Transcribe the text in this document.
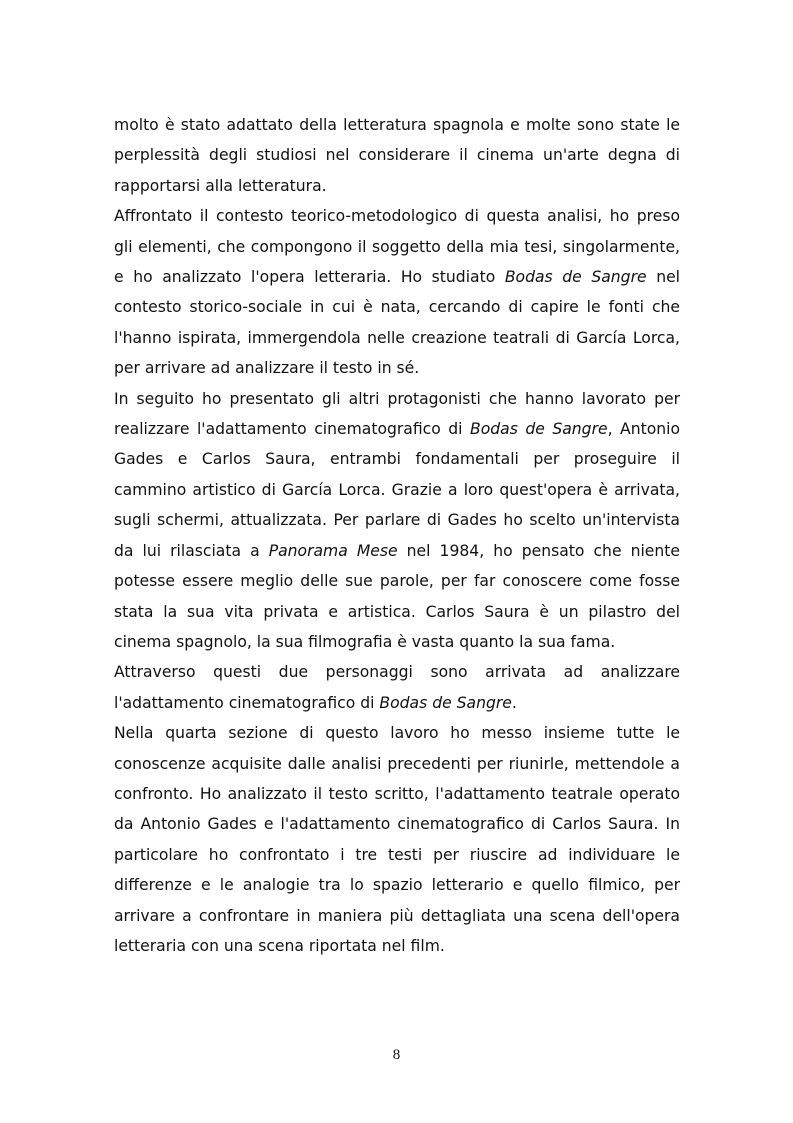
molto è stato adattato della letteratura spagnola e molte sono state le perplessità degli studiosi nel considerare il cinema un'arte degna di rapportarsi alla letteratura.

Affrontato il contesto teorico-metodologico di questa analisi, ho preso gli elementi, che compongono il soggetto della mia tesi, singolarmente, e ho analizzato l'opera letteraria. Ho studiato Bodas de Sangre nel contesto storico-sociale in cui è nata, cercando di capire le fonti che l'hanno ispirata, immergendola nelle creazione teatrali di García Lorca, per arrivare ad analizzare il testo in sé.

In seguito ho presentato gli altri protagonisti che hanno lavorato per realizzare l'adattamento cinematografico di Bodas de Sangre, Antonio Gades e Carlos Saura, entrambi fondamentali per proseguire il cammino artistico di García Lorca. Grazie a loro quest'opera è arrivata, sugli schermi, attualizzata. Per parlare di Gades ho scelto un'intervista da lui rilasciata a Panorama Mese nel 1984, ho pensato che niente potesse essere meglio delle sue parole, per far conoscere come fosse stata la sua vita privata e artistica. Carlos Saura è un pilastro del cinema spagnolo, la sua filmografia è vasta quanto la sua fama.

Attraverso questi due personaggi sono arrivata ad analizzare l'adattamento cinematografico di Bodas de Sangre.

Nella quarta sezione di questo lavoro ho messo insieme tutte le conoscenze acquisite dalle analisi precedenti per riunirle, mettendole a confronto. Ho analizzato il testo scritto, l'adattamento teatrale operato da Antonio Gades e l'adattamento cinematografico di Carlos Saura. In particolare ho confrontato i tre testi per riuscire ad individuare le differenze e le analogie tra lo spazio letterario e quello filmico, per arrivare a confrontare in maniera più dettagliata una scena dell'opera letteraria con una scena riportata nel film.

8
